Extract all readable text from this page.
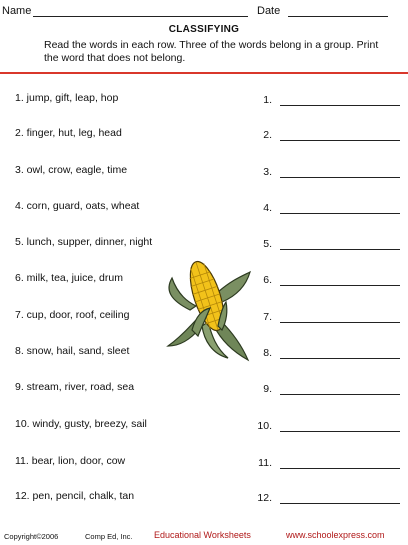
Name	Date
CLASSIFYING
Read the words in each row. Three of the words belong in a group. Print the word that does not belong.
1. jump, gift, leap, hop	1.
2. finger, hut, leg, head	2.
3. owl, crow, eagle, time	3.
4. corn, guard, oats, wheat	4.
5. lunch, supper, dinner, night	5.
6. milk, tea, juice, drum	6.
7. cup, door, roof, ceiling	7.
8. snow, hail, sand, sleet	8.
9. stream, river, road, sea	9.
10. windy, gusty, breezy, sail	10.
11. bear, lion, door, cow	11.
12. pen, pencil, chalk, tan	12.
Copyright©2006	Comp Ed, Inc. Educational Worksheets	www.schoolexpress.com
